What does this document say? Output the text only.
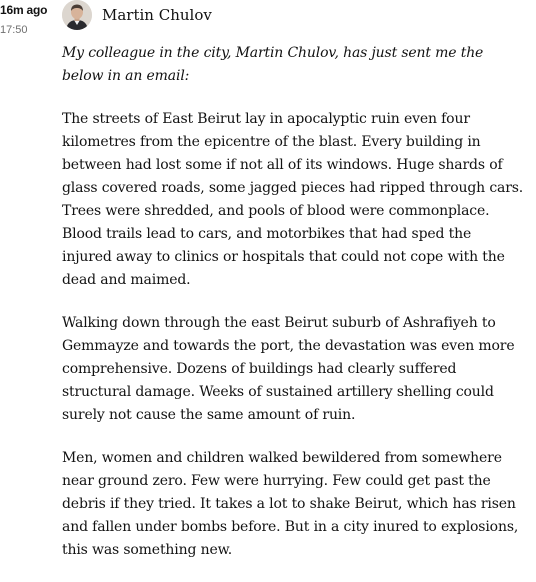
16m ago
17:50
Martin Chulov

My colleague in the city, Martin Chulov, has just sent me the below in an email:

The streets of East Beirut lay in apocalyptic ruin even four kilometres from the epicentre of the blast. Every building in between had lost some if not all of its windows. Huge shards of glass covered roads, some jagged pieces had ripped through cars. Trees were shredded, and pools of blood were commonplace. Blood trails lead to cars, and motorbikes that had sped the injured away to clinics or hospitals that could not cope with the dead and maimed.

Walking down through the east Beirut suburb of Ashrafiyeh to Gemmayze and towards the port, the devastation was even more comprehensive. Dozens of buildings had clearly suffered structural damage. Weeks of sustained artillery shelling could surely not cause the same amount of ruin.

Men, women and children walked bewildered from somewhere near ground zero. Few were hurrying. Few could get past the debris if they tried. It takes a lot to shake Beirut, which has risen and fallen under bombs before. But in a city inured to explosions, this was something new.
